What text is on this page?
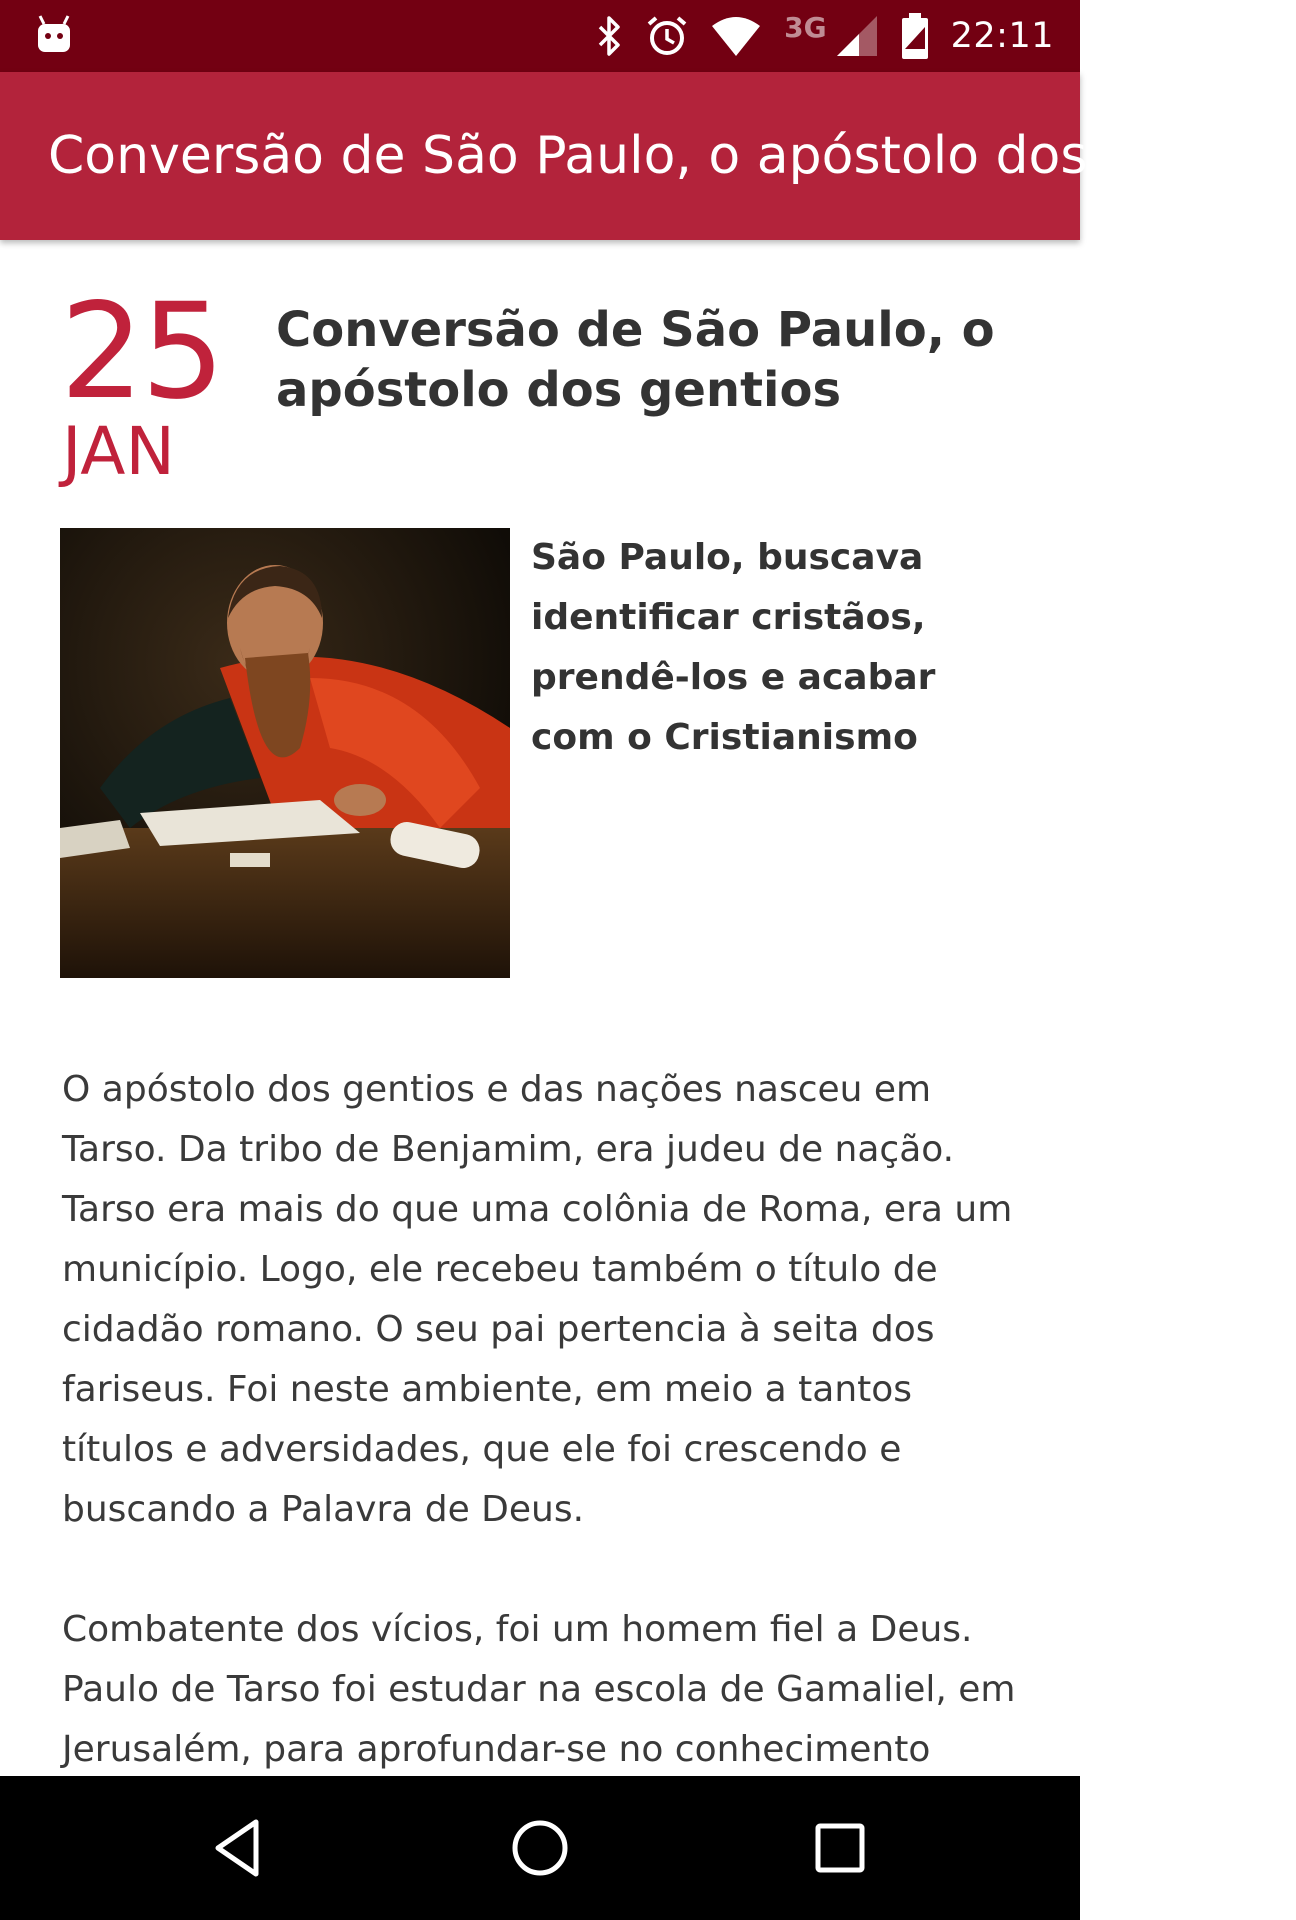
3G	22:11
Conversão de São Paulo, o apóstolo dos gentios
25
JAN
Conversão de São Paulo, o apóstolo dos gentios
São Paulo, buscava identificar cristãos, prendê-los e acabar com o Cristianismo

O apóstolo dos gentios e das nações nasceu em Tarso. Da tribo de Benjamim, era judeu de nação. Tarso era mais do que uma colônia de Roma, era um município. Logo, ele recebeu também o título de cidadão romano. O seu pai pertencia à seita dos fariseus. Foi neste ambiente, em meio a tantos títulos e adversidades, que ele foi crescendo e buscando a Palavra de Deus.

Combatente dos vícios, foi um homem fiel a Deus. Paulo de Tarso foi estudar na escola de Gamaliel, em Jerusalém, para aprofundar-se no conhecimento
